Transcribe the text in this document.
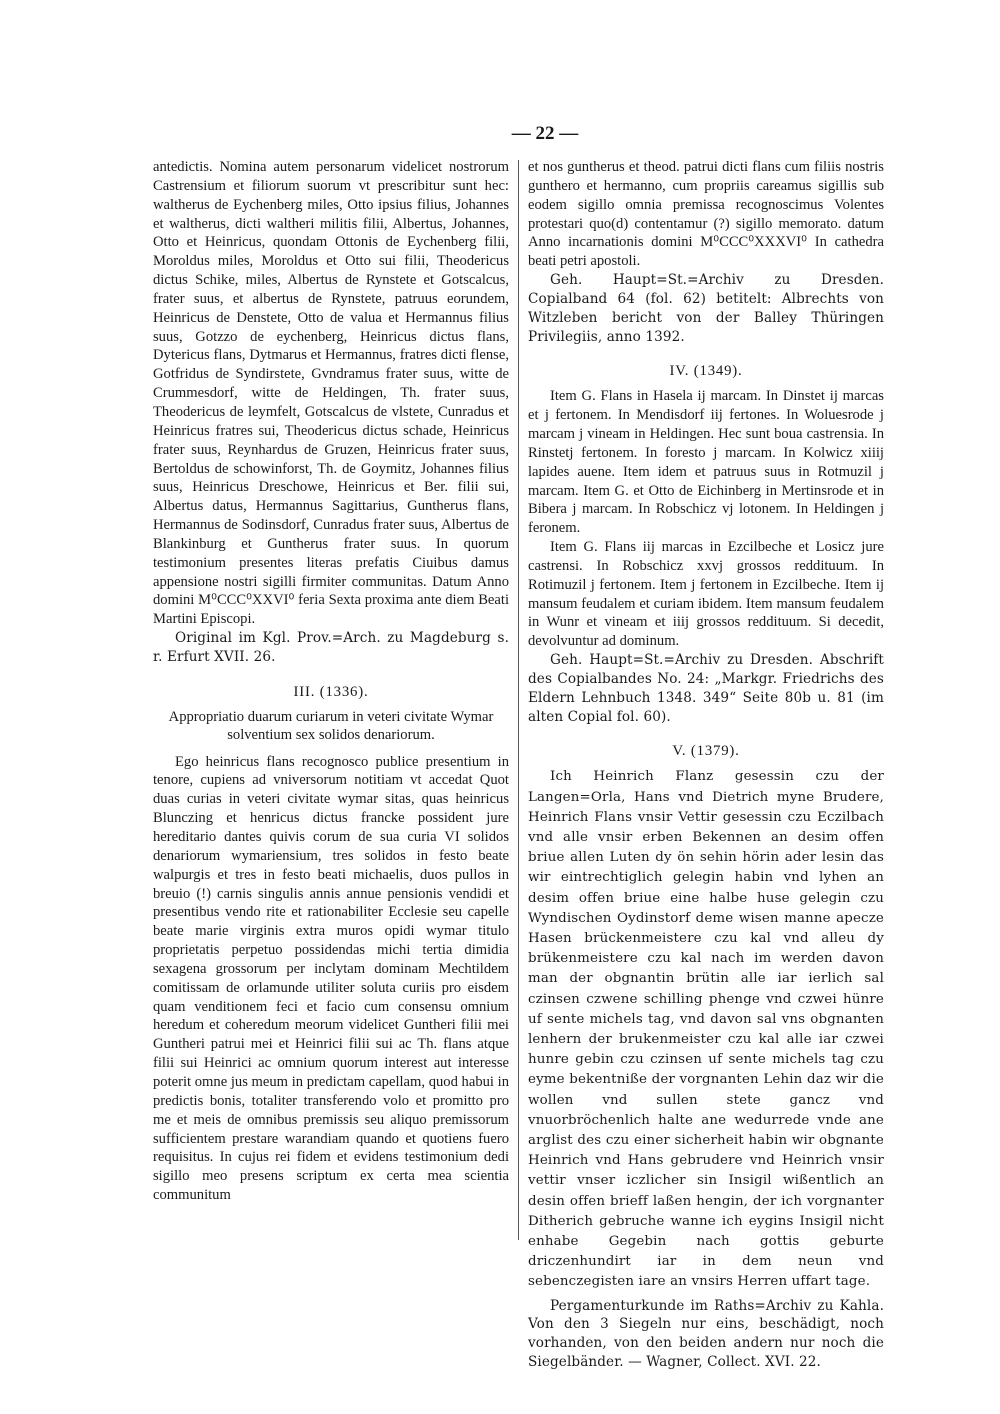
— 22 —

antedictis. Nomina autem personarum videlicet nostrorum Castrensium et filiorum suorum vt prescribitur sunt hec: waltherus de Eychenberg miles, Otto ipsius filius, Johannes et waltherus, dicti waltheri militis filii, Albertus, Johannes, Otto et Heinricus, quondam Ottonis de Eychenberg filii, Moroldus miles, Moroldus et Otto sui filii, Theodericus dictus Schike, miles, Albertus de Rynstete et Gotscalcus, frater suus, et albertus de Rynstete, patruus eorundem, Heinricus de Denstete, Otto de valua et Hermannus filius suus, Gotzzo de eychenberg, Heinricus dictus flans, Dytericus flans, Dytmarus et Hermannus, fratres dicti flense, Gotfridus de Syndirstete, Gvndramus frater suus, witte de Crummesdorf, witte de Heldingen, Th. frater suus, Theodericus de leymfelt, Gotscalcus de vlstete, Cunradus et Heinricus fratres sui, Theodericus dictus schade, Heinricus frater suus, Reynhardus de Gruzen, Heinricus frater suus, Bertoldus de schowinforst, Th. de Goymitz, Johannes filius suus, Heinricus Dreschowe, Heinricus et Ber. filii sui, Albertus datus, Hermannus Sagittarius, Guntherus flans, Hermannus de Sodinsdorf, Cunradus frater suus, Albertus de Blankinburg et Guntherus frater suus. In quorum testimonium presentes literas prefatis Ciuibus damus appensione nostri sigilli firmiter communitas. Datum Anno domini M⁰CCC⁰XXVI⁰ feria Sexta proxima ante diem Beati Martini Episcopi.

Original im Kgl. Prov.=Arch. zu Magdeburg s. r. Erfurt XVII. 26.

III. (1336).

Appropriatio duarum curiarum in veteri civitate Wymar solventium sex solidos denariorum.

Ego heinricus flans recognosco publice presentium in tenore, cupiens ad vniversorum notitiam vt accedat Quot duas curias in veteri civitate wymar sitas, quas heinricus Blunczing et henricus dictus francke possident jure hereditario dantes quivis corum de sua curia VI solidos denariorum wymariensium, tres solidos in festo beate walpurgis et tres in festo beati michaelis, duos pullos in breuio (!) carnis singulis annis annue pensionis vendidi et presentibus vendo rite et rationabiliter Ecclesie seu capelle beate marie virginis extra muros opidi wymar titulo proprietatis perpetuo possidendas michi tertia dimidia sexagena grossorum per inclytam dominam Mechtildem comitissam de orlamunde utiliter soluta curiis pro eisdem quam venditionem feci et facio cum consensu omnium heredum et coheredum meorum videlicet Guntheri filii mei Guntheri patrui mei et Heinrici filii sui ac Th. flans atque filii sui Heinrici ac omnium quorum interest aut interesse poterit omne jus meum in predictam capellam, quod habui in predictis bonis, totaliter transferendo volo et promitto pro me et meis de omnibus premissis seu aliquo premissorum sufficientem prestare warandiam quando et quotiens fuero requisitus. In cujus rei fidem et evidens testimonium dedi sigillo meo presens scriptum ex certa mea scientia communitum

et nos guntherus et theod. patrui dicti flans cum filiis nostris gunthero et hermanno, cum propriis careamus sigillis sub eodem sigillo omnia premissa recognoscimus Volentes protestari quo(d) contentamur (?) sigillo memorato. datum Anno incarnationis domini M⁰CCC⁰XXXVI⁰ In cathedra beati petri apostoli.

Geh. Haupt=St.=Archiv zu Dresden. Copialband 64 (fol. 62) betitelt: Albrechts von Witzleben bericht von der Balley Thüringen Privilegiis, anno 1392.

IV. (1349).

Item G. Flans in Hasela ij marcam. In Dinstet ij marcas et j fertonem. In Mendisdorf iij fertones. In Woluesrode j marcam j vineam in Heldingen. Hec sunt boua castrensia. In Rinstetj fertonem. In foresto j marcam. In Kolwicz xiiij lapides auene. Item idem et patruus suus in Rotmuzil j marcam. Item G. et Otto de Eichinberg in Mertinsrode et in Bibera j marcam. In Robschicz vj lotonem. In Heldingen j feronem.

Item G. Flans iij marcas in Ezcilbeche et Losicz jure castrensi. In Robschicz xxvj grossos reddituum. In Rotimuzil j fertonem. Item j fertonem in Ezcilbeche. Item ij mansum feudalem et curiam ibidem. Item mansum feudalem in Wunr et vineam et iiij grossos reddituum. Si decedit, devolvuntur ad dominum.

Geh. Haupt=St.=Archiv zu Dresden. Abschrift des Copialbandes No. 24: „Markgr. Friedrichs des Eldern Lehnbuch 1348. 349“ Seite 80b u. 81 (im alten Copial fol. 60).

V. (1379).

Ich Heinrich Flanz gesessin czu der Langen=Orla, Hans vnd Dietrich myne Brudere, Heinrich Flans vnsir Vettir gesessin czu Eczilbach vnd alle vnsir erben Bekennen an desim offen briue allen Luten dy ön sehin hörin ader lesin das wir eintrechtiglich gelegin habin vnd lyhen an desim offen briue eine halbe huse gelegin czu Wyndischen Oydinstorf deme wisen manne apecze Hasen brückenmeistere czu kal vnd alleu dy brükenmeistere czu kal nach im werden davon man der obgnantin brütin alle iar ierlich sal czinsen czwene schilling phenge vnd czwei hünre uf sente michels tag, vnd davon sal vns obgnanten lenhern der brukenmeister czu kal alle iar czwei hunre gebin czu czinsen uf sente michels tag czu eyme bekentniße der vorgnanten Lehin daz wir die wollen vnd sullen stete gancz vnd vnuorbröchenlich halte ane wedurrede vnde ane arglist des czu einer sicherheit habin wir obgnante Heinrich vnd Hans gebrudere vnd Heinrich vnsir vettir vnser iczlicher sin Insigil wißentlich an desin offen brieff laßen hengin, der ich vorgnanter Ditherich gebruche wanne ich eygins Insigil nicht enhabe Gegebin nach gottis geburte driczenhundirt iar in dem neun vnd sebenczegisten iare an vnsirs Herren uffart tage.

Pergamenturkunde im Raths=Archiv zu Kahla. Von den 3 Siegeln nur eins, beschädigt, noch vorhanden, von den beiden andern nur noch die Siegelbänder. — Wagner, Collect. XVI. 22.
